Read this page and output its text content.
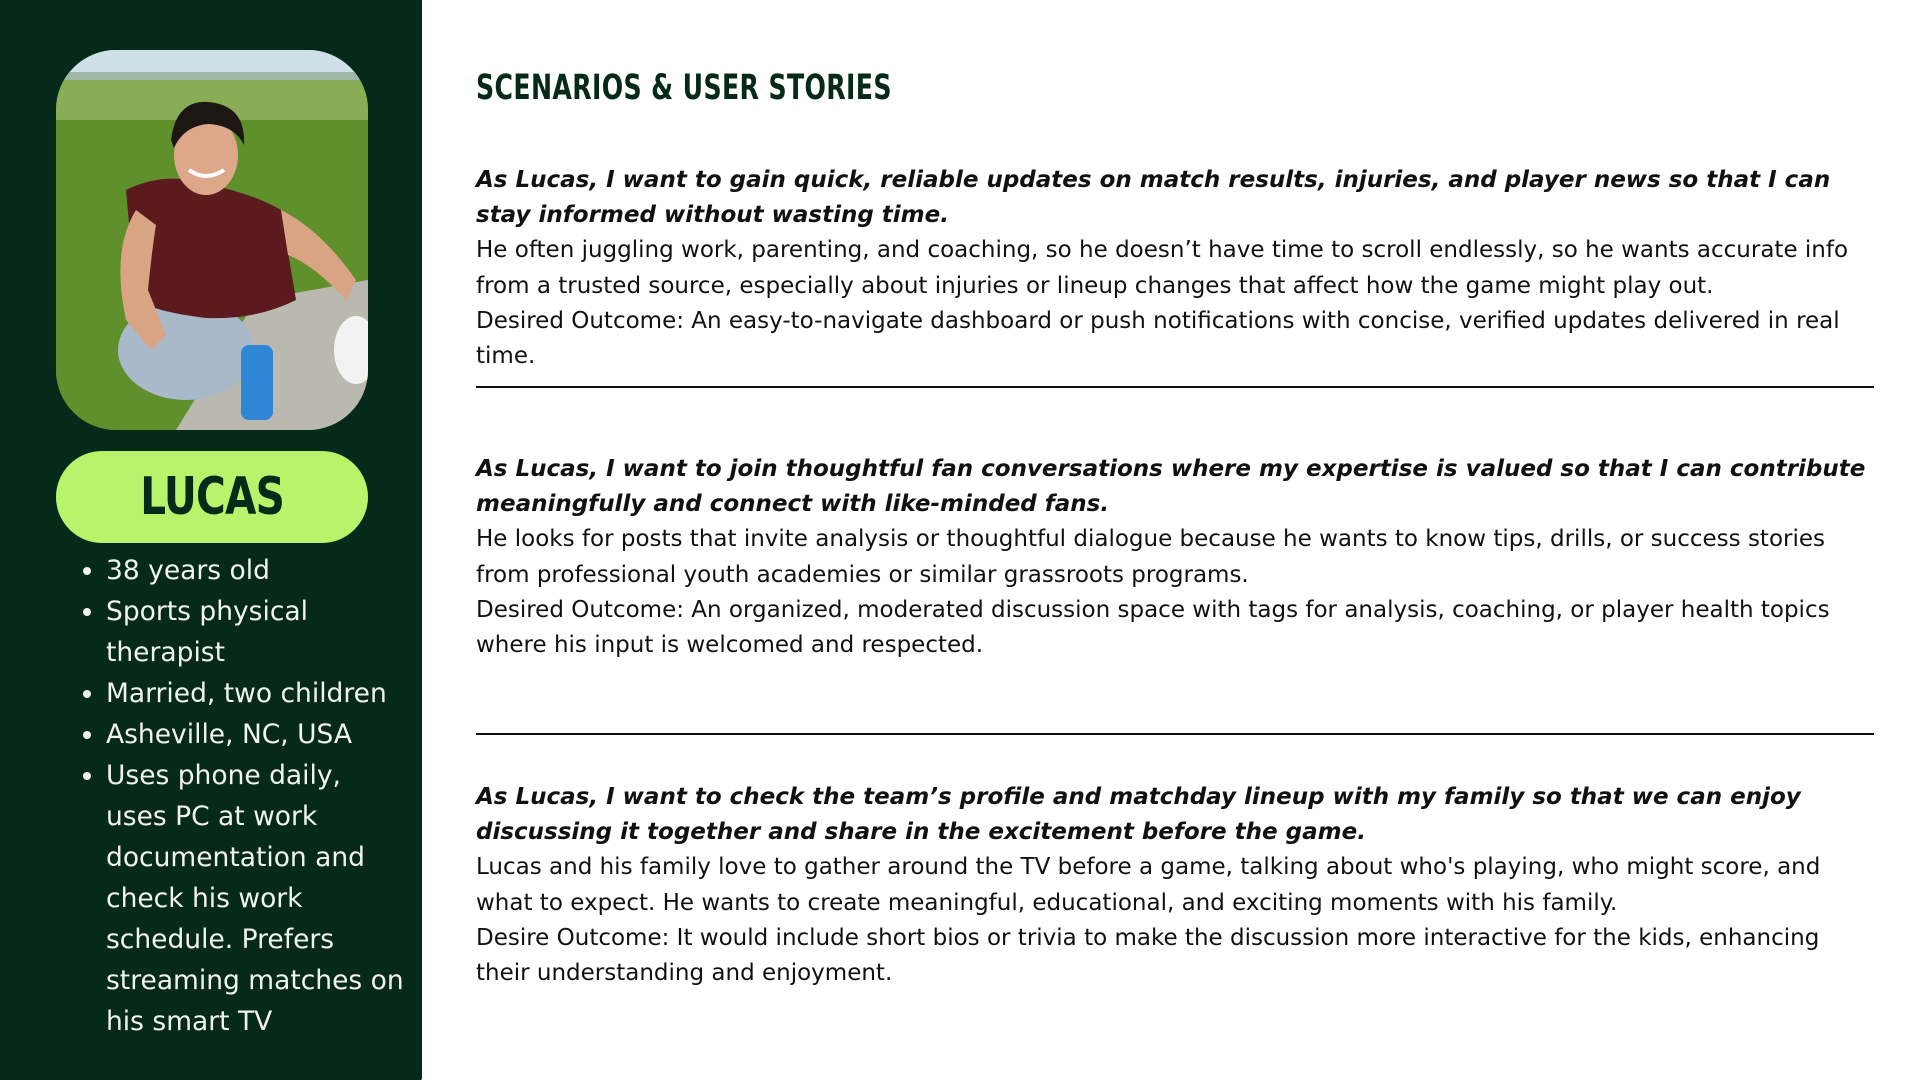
LUCAS
• 38 years old
• Sports physical therapist
• Married, two children
• Asheville, NC, USA
• Uses phone daily, uses PC at work documentation and check his work schedule. Prefers streaming matches on his smart TV
SCENARIOS & USER STORIES

As Lucas, I want to gain quick, reliable updates on match results, injuries, and player news so that I can stay informed without wasting time.

He often juggling work, parenting, and coaching, so he doesn’t have time to scroll endlessly, so he wants accurate info from a trusted source, especially about injuries or lineup changes that affect how the game might play out.

Desired Outcome: An easy-to-navigate dashboard or push notifications with concise, verified updates delivered in real time.

As Lucas, I want to join thoughtful fan conversations where my expertise is valued so that I can contribute meaningfully and connect with like-minded fans.

He looks for posts that invite analysis or thoughtful dialogue because he wants to know tips, drills, or success stories from professional youth academies or similar grassroots programs.

Desired Outcome: An organized, moderated discussion space with tags for analysis, coaching, or player health topics where his input is welcomed and respected.

As Lucas, I want to check the team’s profile and matchday lineup with my family so that we can enjoy discussing it together and share in the excitement before the game.

Lucas and his family love to gather around the TV before a game, talking about who's playing, who might score, and what to expect. He wants to create meaningful, educational, and exciting moments with his family.

Desire Outcome: It would include short bios or trivia to make the discussion more interactive for the kids, enhancing their understanding and enjoyment.
